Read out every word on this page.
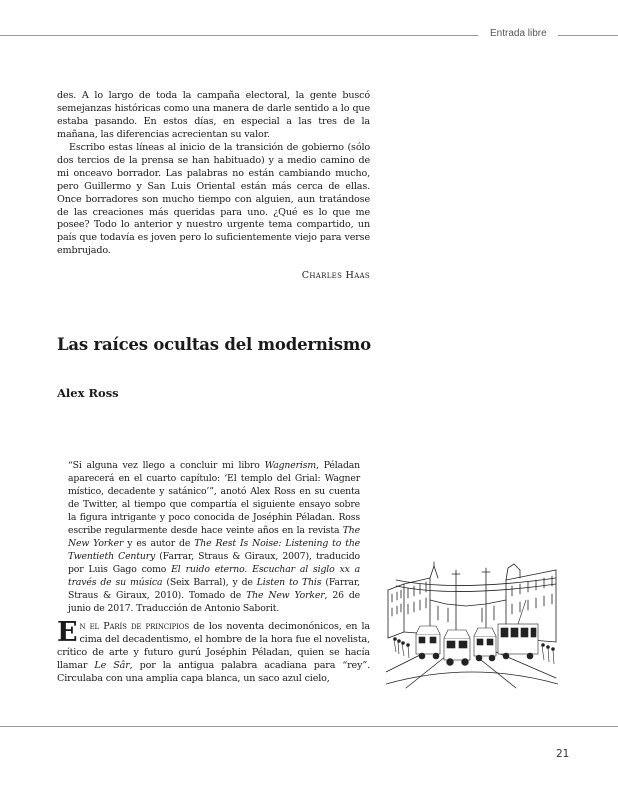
Entrada libre

des. A lo largo de toda la campaña electoral, la gente buscó semejanzas históricas como una manera de darle sentido a lo que estaba pasando. En estos días, en especial a las tres de la mañana, las diferencias acrecientan su valor.

Escribo estas líneas al inicio de la transición de gobierno (sólo dos tercios de la prensa se han habituado) y a medio camino de mi onceavo borrador. Las palabras no están cambiando mucho, pero Guillermo y San Luis Oriental están más cerca de ellas. Once borradores son mucho tiempo con alguien, aun tratándose de las creaciones más queridas para uno. ¿Qué es lo que me posee? Todo lo anterior y nuestro urgente tema compartido, un país que todavía es joven pero lo suficientemente viejo para verse embrujado.

Charles Haas
Las raíces ocultas del modernismo
Alex Ross

“Si alguna vez llego a concluir mi libro Wagnerism, Péladan aparecerá en el cuarto capítulo: ‘El templo del Grial: Wagner místico, decadente y satánico’”, anotó Alex Ross en su cuenta de Twitter, al tiempo que compartía el siguiente ensayo sobre la figura intrigante y poco conocida de Joséphin Péladan. Ross escribe regularmente desde hace veinte años en la revista The New Yorker y es autor de The Rest Is Noise: Listening to the Twentieth Century (Farrar, Straus & Giraux, 2007), traducido por Luis Gago como El ruido eterno. Escuchar al siglo xx a través de su música (Seix Barral), y de Listen to This (Farrar, Straus & Giraux, 2010). Tomado de The New Yorker, 26 de junio de 2017. Traducción de Antonio Saborit.

En el París de principios de los noventa decimonónicos, en la cima del decadentismo, el hombre de la hora fue el novelista, crítico de arte y futuro gurú Joséphin Péladan, quien se hacía llamar Le Sâr, por la antigua palabra acadiana para “rey”. Circulaba con una amplia capa blanca, un saco azul cielo,

21
